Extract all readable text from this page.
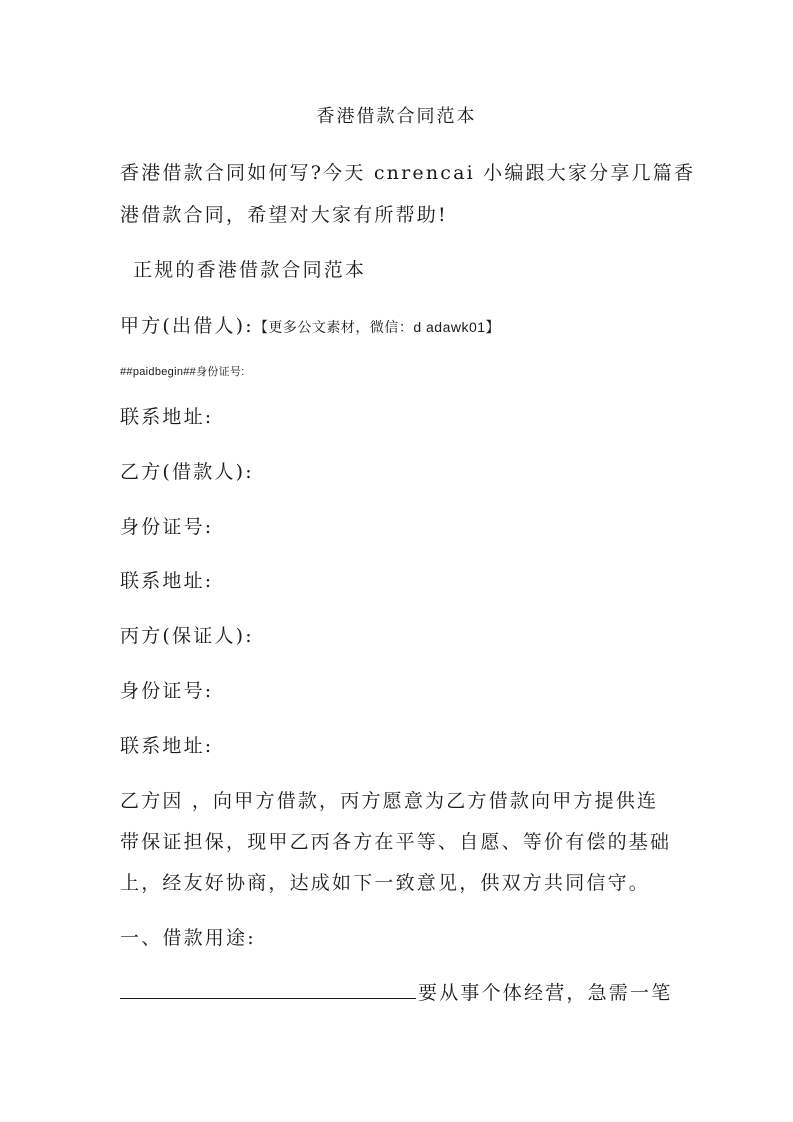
香港借款合同范本
香港借款合同如何写?今天 cnrencai 小编跟大家分享几篇香
港借款合同，希望对大家有所帮助!
正规的香港借款合同范本
甲方(出借人):【更多公文素材，微信：d adawk01】
##paidbegin##身份证号:
联系地址:
乙方(借款人):
身份证号:
联系地址:
丙方(保证人):
身份证号:
联系地址:
乙方因 ，向甲方借款，丙方愿意为乙方借款向甲方提供连
带保证担保，现甲乙丙各方在平等、自愿、等价有偿的基础
上，经友好协商，达成如下一致意见，供双方共同信守。
一、借款用途:
要从事个体经营，急需一笔
